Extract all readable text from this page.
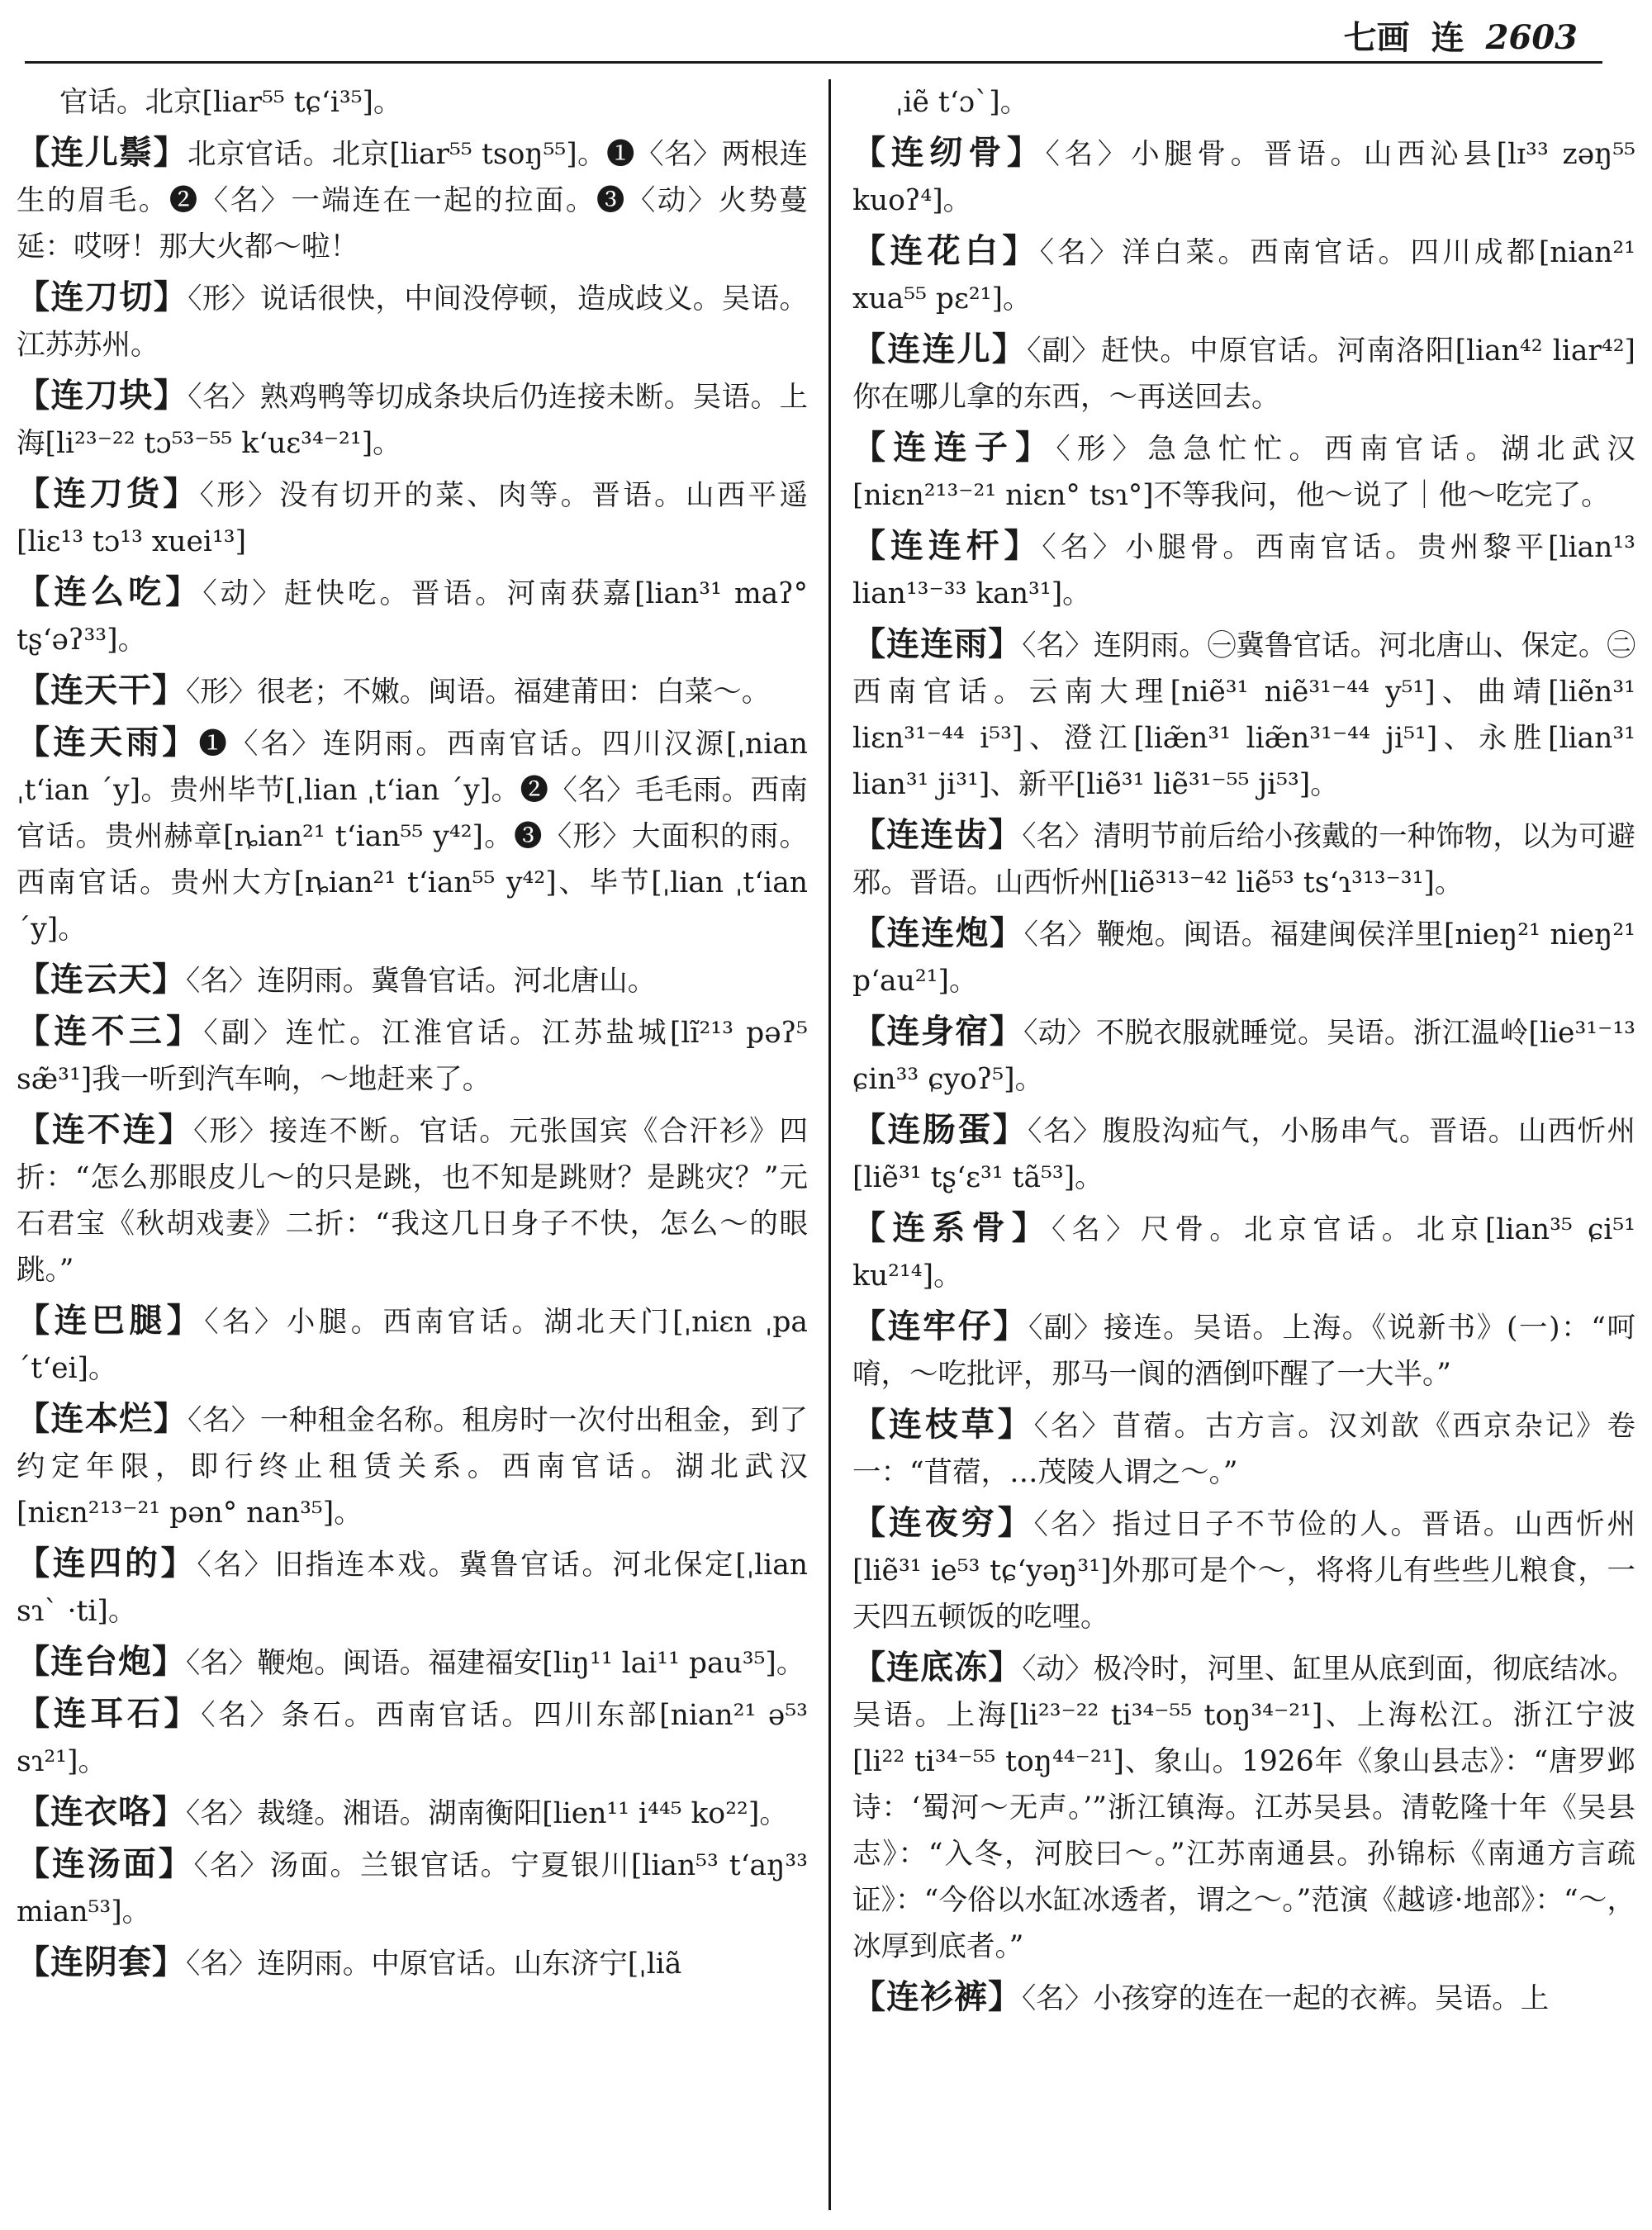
七画 连 2603

官话。北京[liar⁵⁵ tɕʻi³⁵]。

【连儿鬃】北京官话。北京[liar⁵⁵ tsoŋ⁵⁵]。❶〈名〉两根连生的眉毛。❷〈名〉一端连在一起的拉面。❸〈动〉火势蔓延：哎呀！那大火都～啦！

【连刀切】〈形〉说话很快，中间没停顿，造成歧义。吴语。江苏苏州。

【连刀块】〈名〉熟鸡鸭等切成条块后仍连接未断。吴语。上海[li²³⁻²² tɔ⁵³⁻⁵⁵ kʻuɛ³⁴⁻²¹]。

【连刀货】〈形〉没有切开的菜、肉等。晋语。山西平遥[liɛ¹³ tɔ¹³ xuei¹³]

【连么吃】〈动〉赶快吃。晋语。河南获嘉[lian³¹ maʔ° tʂʻəʔ³³]。

【连天干】〈形〉很老；不嫩。闽语。福建莆田：白菜～。

【连天雨】❶〈名〉连阴雨。西南官话。四川汉源[ˌnian ˌtʻian ˊy]。贵州毕节[ˌlian ˌtʻian ˊy]。❷〈名〉毛毛雨。西南官话。贵州赫章[ȵian²¹ tʻian⁵⁵ y⁴²]。❸〈形〉大面积的雨。西南官话。贵州大方[ȵian²¹ tʻian⁵⁵ y⁴²]、毕节[ˌlian ˌtʻian ˊy]。

【连云天】〈名〉连阴雨。冀鲁官话。河北唐山。

【连不三】〈副〉连忙。江淮官话。江苏盐城[lĩ²¹³ pəʔ⁵ sæ̃³¹]我一听到汽车响，～地赶来了。

【连不连】〈形〉接连不断。官话。元张国宾《合汗衫》四折：“怎么那眼皮儿～的只是跳，也不知是跳财？是跳灾？”元石君宝《秋胡戏妻》二折：“我这几日身子不快，怎么～的眼跳。”

【连巴腿】〈名〉小腿。西南官话。湖北天门[ˌniɛn ˌpa ˊtʻei]。

【连本烂】〈名〉一种租金名称。租房时一次付出租金，到了约定年限，即行终止租赁关系。西南官话。湖北武汉[niɛn²¹³⁻²¹ pən° nan³⁵]。

【连四的】〈名〉旧指连本戏。冀鲁官话。河北保定[ˌlian sɿˋ ·ti]。

【连台炮】〈名〉鞭炮。闽语。福建福安[liŋ¹¹ lai¹¹ pau³⁵]。

【连耳石】〈名〉条石。西南官话。四川东部[nian²¹ ə⁵³ sɿ²¹]。

【连衣咯】〈名〉裁缝。湘语。湖南衡阳[lien¹¹ i⁴⁴⁵ ko²²]。

【连汤面】〈名〉汤面。兰银官话。宁夏银川[lian⁵³ tʻaŋ³³ mian⁵³]。

【连阴套】〈名〉连阴雨。中原官话。山东济宁[ˌliã

ˌiẽ tʻɔˋ]。

【连纫骨】〈名〉小腿骨。晋语。山西沁县[lɪ³³ zəŋ⁵⁵ kuoʔ⁴]。

【连花白】〈名〉洋白菜。西南官话。四川成都[nian²¹ xua⁵⁵ pɛ²¹]。

【连连儿】〈副〉赶快。中原官话。河南洛阳[lian⁴² liar⁴²]你在哪儿拿的东西，～再送回去。

【连连子】〈形〉急急忙忙。西南官话。湖北武汉[niɛn²¹³⁻²¹ niɛn° tsɿ°]不等我问，他～说了｜他～吃完了。

【连连杆】〈名〉小腿骨。西南官话。贵州黎平[lian¹³ lian¹³⁻³³ kan³¹]。

【连连雨】〈名〉连阴雨。㊀冀鲁官话。河北唐山、保定。㊁西南官话。云南大理[niẽ³¹ niẽ³¹⁻⁴⁴ y⁵¹]、曲靖[liẽn³¹ liɛn³¹⁻⁴⁴ i⁵³]、澄江[liæ̃n³¹ liæ̃n³¹⁻⁴⁴ ji⁵¹]、永胜[lian³¹ lian³¹ ji³¹]、新平[liẽ³¹ liẽ³¹⁻⁵⁵ ji⁵³]。

【连连齿】〈名〉清明节前后给小孩戴的一种饰物，以为可避邪。晋语。山西忻州[liẽ³¹³⁻⁴² liẽ⁵³ tsʻɿ³¹³⁻³¹]。

【连连炮】〈名〉鞭炮。闽语。福建闽侯洋里[nieŋ²¹ nieŋ²¹ pʻau²¹]。

【连身宿】〈动〉不脱衣服就睡觉。吴语。浙江温岭[lie³¹⁻¹³ ɕin³³ ɕyoʔ⁵]。

【连肠蛋】〈名〉腹股沟疝气，小肠串气。晋语。山西忻州[liẽ³¹ tʂʻɛ³¹ tã⁵³]。

【连系骨】〈名〉尺骨。北京官话。北京[lian³⁵ ɕi⁵¹ ku²¹⁴]。

【连牢仔】〈副〉接连。吴语。上海。《说新书》(一)：“呵唷，～吃批评，那马一阆的酒倒吓醒了一大半。”

【连枝草】〈名〉苜蓿。古方言。汉刘歆《西京杂记》卷一：“苜蓿，…茂陵人谓之～。”

【连夜穷】〈名〉指过日子不节俭的人。晋语。山西忻州[liẽ³¹ ie⁵³ tɕʻyəŋ³¹]外那可是个～，将将儿有些些儿粮食，一天四五顿饭的吃哩。

【连底冻】〈动〉极冷时，河里、缸里从底到面，彻底结冰。吴语。上海[li²³⁻²² ti³⁴⁻⁵⁵ toŋ³⁴⁻²¹]、上海松江。浙江宁波[li²² ti³⁴⁻⁵⁵ toŋ⁴⁴⁻²¹]、象山。1926年《象山县志》：“唐罗邺诗：‘蜀河～无声。’”浙江镇海。江苏吴县。清乾隆十年《吴县志》：“入冬，河胶曰～。”江苏南通县。孙锦标《南通方言疏证》：“今俗以水缸冰透者，谓之～。”范演《越谚·地部》：“～，冰厚到底者。”

【连衫裤】〈名〉小孩穿的连在一起的衣裤。吴语。上
